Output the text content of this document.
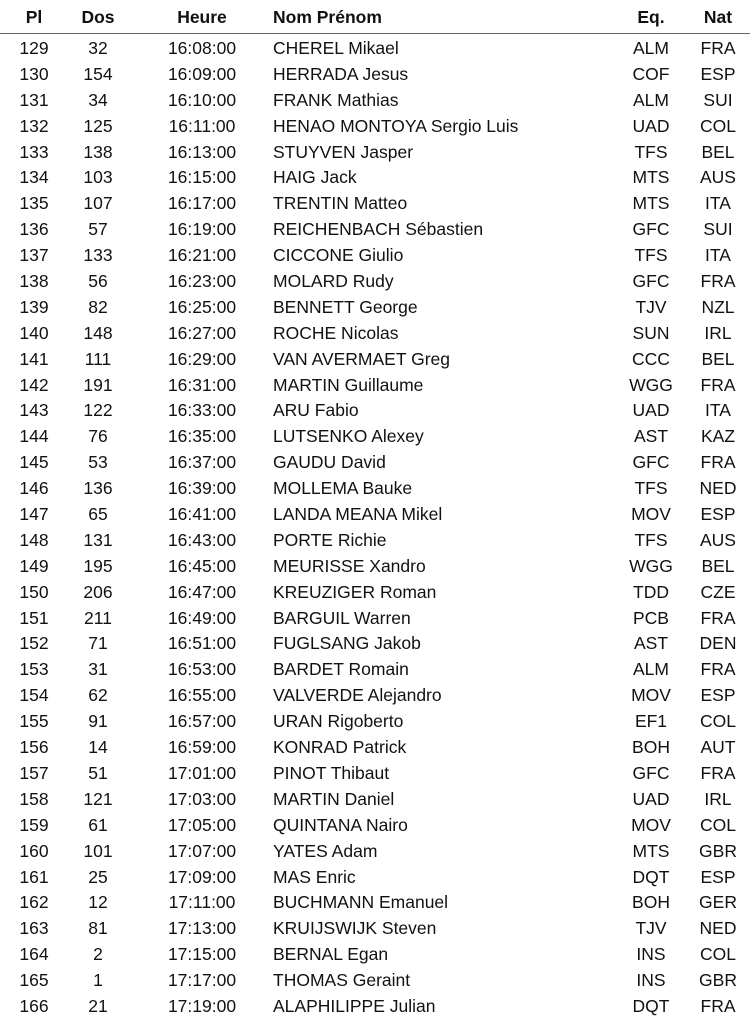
Pl	Dos	Heure	Nom Prénom	Eq.	Nat
129	32	16:08:00	CHEREL Mikael	ALM	FRA
130	154	16:09:00	HERRADA Jesus	COF	ESP
131	34	16:10:00	FRANK Mathias	ALM	SUI
132	125	16:11:00	HENAO MONTOYA Sergio Luis	UAD	COL
133	138	16:13:00	STUYVEN Jasper	TFS	BEL
134	103	16:15:00	HAIG Jack	MTS	AUS
135	107	16:17:00	TRENTIN Matteo	MTS	ITA
136	57	16:19:00	REICHENBACH Sébastien	GFC	SUI
137	133	16:21:00	CICCONE Giulio	TFS	ITA
138	56	16:23:00	MOLARD Rudy	GFC	FRA
139	82	16:25:00	BENNETT George	TJV	NZL
140	148	16:27:00	ROCHE Nicolas	SUN	IRL
141	111	16:29:00	VAN AVERMAET Greg	CCC	BEL
142	191	16:31:00	MARTIN Guillaume	WGG	FRA
143	122	16:33:00	ARU Fabio	UAD	ITA
144	76	16:35:00	LUTSENKO Alexey	AST	KAZ
145	53	16:37:00	GAUDU David	GFC	FRA
146	136	16:39:00	MOLLEMA Bauke	TFS	NED
147	65	16:41:00	LANDA MEANA Mikel	MOV	ESP
148	131	16:43:00	PORTE Richie	TFS	AUS
149	195	16:45:00	MEURISSE Xandro	WGG	BEL
150	206	16:47:00	KREUZIGER Roman	TDD	CZE
151	211	16:49:00	BARGUIL Warren	PCB	FRA
152	71	16:51:00	FUGLSANG Jakob	AST	DEN
153	31	16:53:00	BARDET Romain	ALM	FRA
154	62	16:55:00	VALVERDE Alejandro	MOV	ESP
155	91	16:57:00	URAN Rigoberto	EF1	COL
156	14	16:59:00	KONRAD Patrick	BOH	AUT
157	51	17:01:00	PINOT Thibaut	GFC	FRA
158	121	17:03:00	MARTIN Daniel	UAD	IRL
159	61	17:05:00	QUINTANA Nairo	MOV	COL
160	101	17:07:00	YATES Adam	MTS	GBR
161	25	17:09:00	MAS Enric	DQT	ESP
162	12	17:11:00	BUCHMANN Emanuel	BOH	GER
163	81	17:13:00	KRUIJSWIJK Steven	TJV	NED
164	2	17:15:00	BERNAL Egan	INS	COL
165	1	17:17:00	THOMAS Geraint	INS	GBR
166	21	17:19:00	ALAPHILIPPE Julian	DQT	FRA
